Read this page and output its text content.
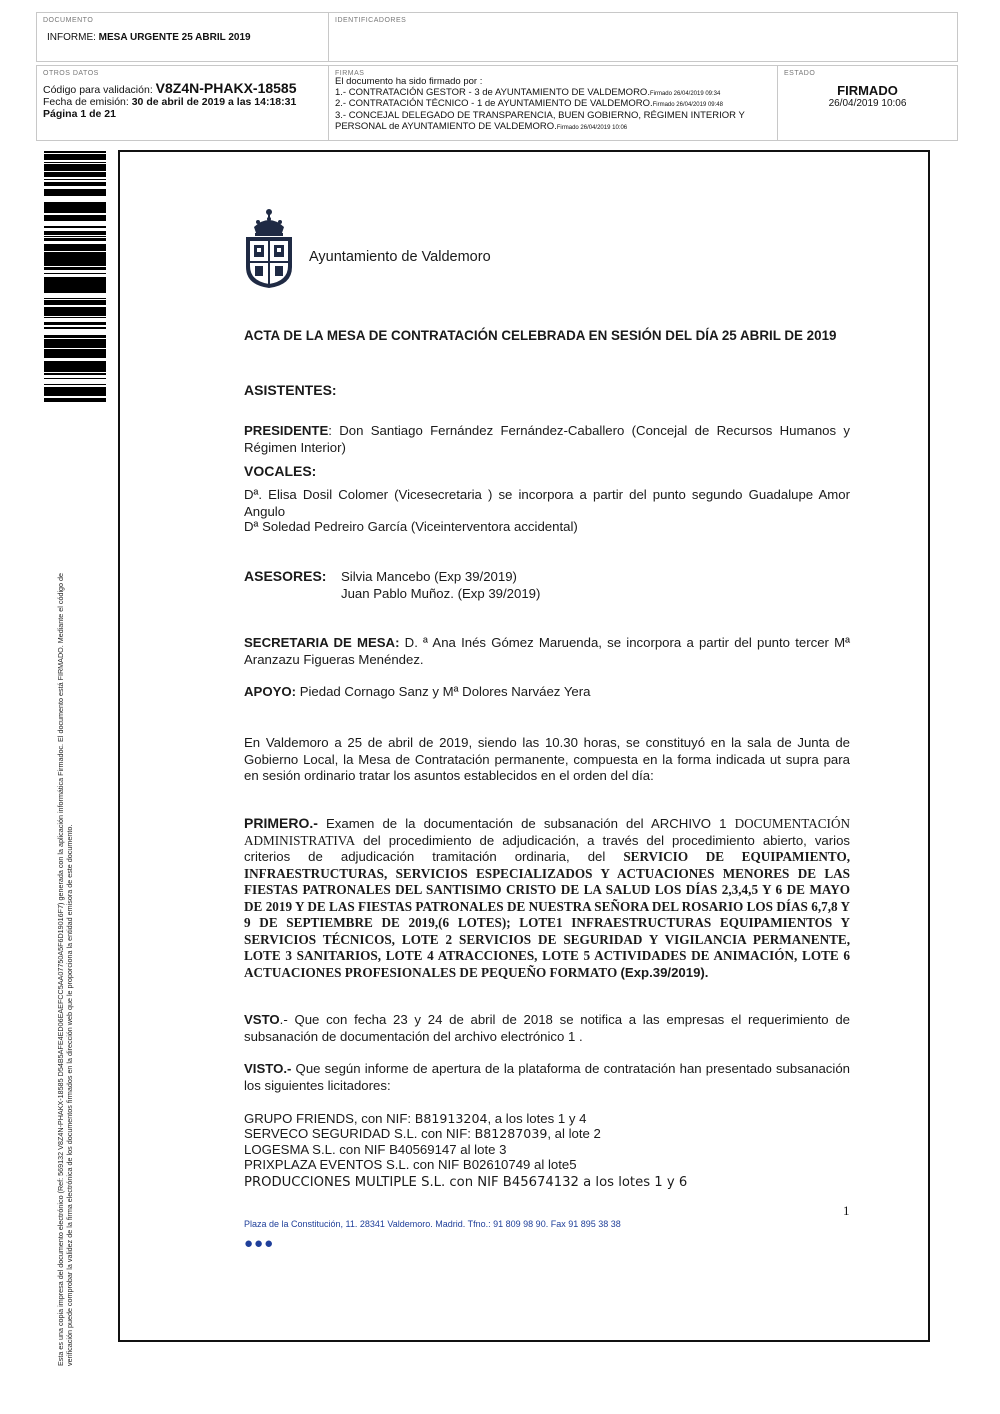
DOCUMENTO
INFORME: MESA URGENTE 25 ABRIL 2019
IDENTIFICADORES
OTROS DATOS
Código para validación: V8Z4N-PHAKX-18585
Fecha de emisión: 30 de abril de 2019 a las 14:18:31
Página 1 de 21
FIRMAS
El documento ha sido firmado por :
1.- CONTRATACIÓN GESTOR - 3 de AYUNTAMIENTO DE VALDEMORO.Firmado 26/04/2019 09:34
2.- CONTRATACIÓN TÉCNICO - 1 de AYUNTAMIENTO DE VALDEMORO.Firmado 26/04/2019 09:48
3.- CONCEJAL DELEGADO DE TRANSPARENCIA, BUEN GOBIERNO, RÉGIMEN INTERIOR Y
PERSONAL de AYUNTAMIENTO DE VALDEMORO.Firmado 26/04/2019 10:06
ESTADO
FIRMADO
26/04/2019 10:06
Esta es una copia impresa del documento electrónico (Ref: 569132 V8Z4N-PHAKX-18585 D54B5AFE4ED06EAEFCC5AA07750A5F6D19016F7) generada con la aplicación informática Firmadoc. El documento está FIRMADO. Mediante el código de verificación puede comprobar la validez de la firma electrónica de los documentos firmados en la dirección web que le proporciona la entidad emisora de este documento.
Ayuntamiento de Valdemoro
ACTA DE LA MESA DE CONTRATACIÓN CELEBRADA EN SESIÓN DEL DÍA 25 ABRIL DE 2019
ASISTENTES:
PRESIDENTE: Don Santiago Fernández Fernández-Caballero (Concejal de Recursos Humanos y Régimen Interior)
VOCALES:
Dª. Elisa Dosil Colomer (Vicesecretaria ) se incorpora a partir del punto segundo Guadalupe Amor Angulo
Dª Soledad Pedreiro García (Viceinterventora accidental)
ASESORES: Silvia Mancebo (Exp 39/2019)
Juan Pablo Muñoz. (Exp 39/2019)
SECRETARIA DE MESA: D. ª Ana Inés Gómez Maruenda, se incorpora a partir del punto tercer Mª Aranzazu Figueras Menéndez.
APOYO: Piedad Cornago Sanz y Mª Dolores Narváez Yera
En Valdemoro a 25 de abril de 2019, siendo las 10.30 horas, se constituyó en la sala de Junta de Gobierno Local, la Mesa de Contratación permanente, compuesta en la forma indicada ut supra para en sesión ordinario tratar los asuntos establecidos en el orden del día:
PRIMERO.- Examen de la documentación de subsanación del ARCHIVO 1 DOCUMENTACIÓN ADMINISTRATIVA del procedimiento de adjudicación, a través del procedimiento abierto, varios criterios de adjudicación tramitación ordinaria, del SERVICIO DE EQUIPAMIENTO, INFRAESTRUCTURAS, SERVICIOS ESPECIALIZADOS Y ACTUACIONES MENORES DE LAS FIESTAS PATRONALES DEL SANTISIMO CRISTO DE LA SALUD LOS DÍAS 2,3,4,5 Y 6 DE MAYO DE 2019 Y DE LAS FIESTAS PATRONALES DE NUESTRA SEÑORA DEL ROSARIO LOS DÍAS 6,7,8 Y 9 DE SEPTIEMBRE DE 2019,(6 LOTES); LOTE1 INFRAESTRUCTURAS EQUIPAMIENTOS Y SERVICIOS TÉCNICOS, LOTE 2 SERVICIOS DE SEGURIDAD Y VIGILANCIA PERMANENTE, LOTE 3 SANITARIOS, LOTE 4 ATRACCIONES, LOTE 5 ACTIVIDADES DE ANIMACIÓN, LOTE 6 ACTUACIONES PROFESIONALES DE PEQUEÑO FORMATO (Exp.39/2019).
VSTO.- Que con fecha 23 y 24 de abril de 2018 se notifica a las empresas el requerimiento de subsanación de documentación del archivo electrónico 1 .
VISTO.- Que según informe de apertura de la plataforma de contratación han presentado subsanación los siguientes licitadores:
GRUPO FRIENDS, con NIF: B81913204, a los lotes 1 y 4
SERVECO SEGURIDAD S.L. con NIF: B81287039, al lote 2
LOGESMA S.L. con NIF B40569147 al lote 3
PRIXPLAZA EVENTOS S.L. con NIF B02610749 al lote5
PRODUCCIONES MULTIPLE S.L. con NIF B45674132 a los lotes 1 y 6
1
Plaza de la Constitución, 11. 28341 Valdemoro. Madrid. Tfno.: 91 809 98 90. Fax 91 895 38 38
●●●
